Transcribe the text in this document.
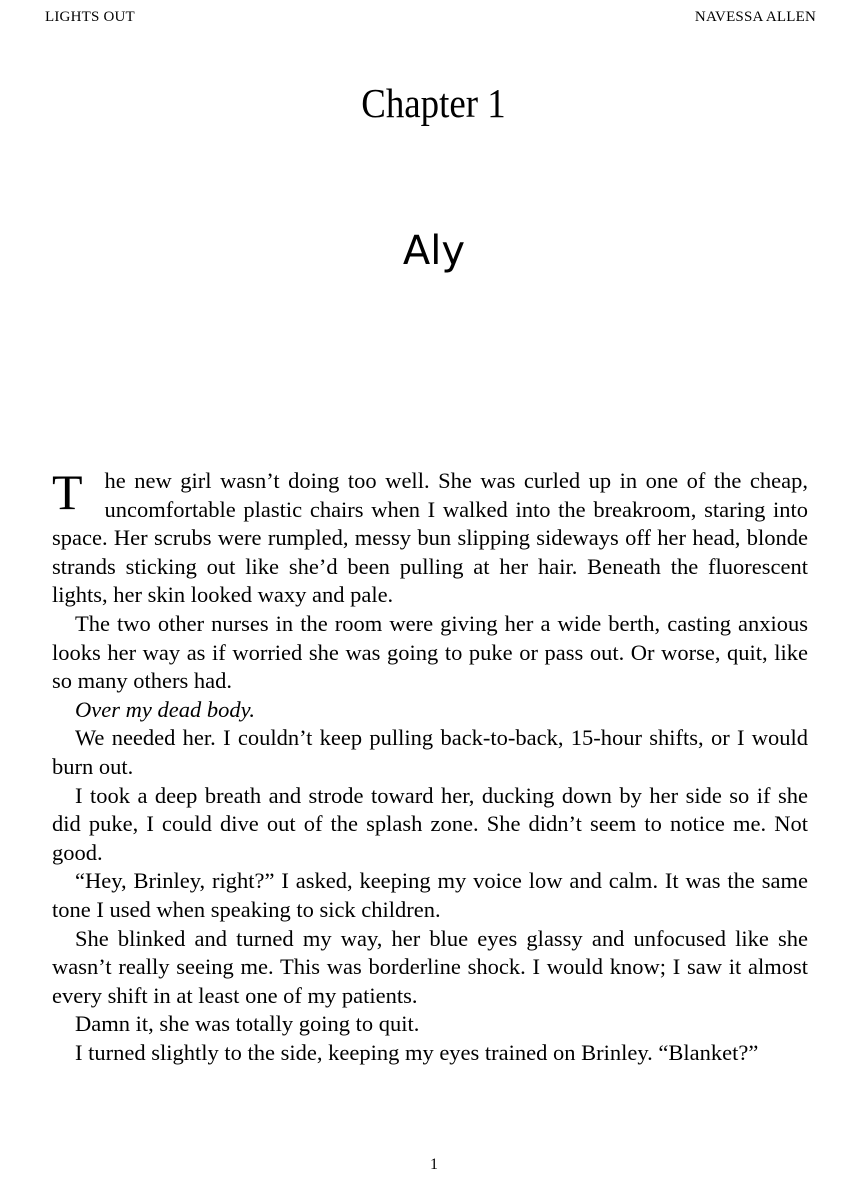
LIGHTS OUT	NAVESSA ALLEN
Chapter 1
Aly

The new girl wasn’t doing too well. She was curled up in one of the cheap, uncomfortable plastic chairs when I walked into the breakroom, staring into space. Her scrubs were rumpled, messy bun slipping sideways off her head, blonde strands sticking out like she’d been pulling at her hair. Beneath the fluorescent lights, her skin looked waxy and pale.

The two other nurses in the room were giving her a wide berth, casting anxious looks her way as if worried she was going to puke or pass out. Or worse, quit, like so many others had.

Over my dead body.

We needed her. I couldn’t keep pulling back-to-back, 15-hour shifts, or I would burn out.

I took a deep breath and strode toward her, ducking down by her side so if she did puke, I could dive out of the splash zone. She didn’t seem to notice me. Not good.

“Hey, Brinley, right?” I asked, keeping my voice low and calm. It was the same tone I used when speaking to sick children.

She blinked and turned my way, her blue eyes glassy and unfocused like she wasn’t really seeing me. This was borderline shock. I would know; I saw it almost every shift in at least one of my patients.

Damn it, she was totally going to quit.

I turned slightly to the side, keeping my eyes trained on Brinley. “Blanket?”

1
